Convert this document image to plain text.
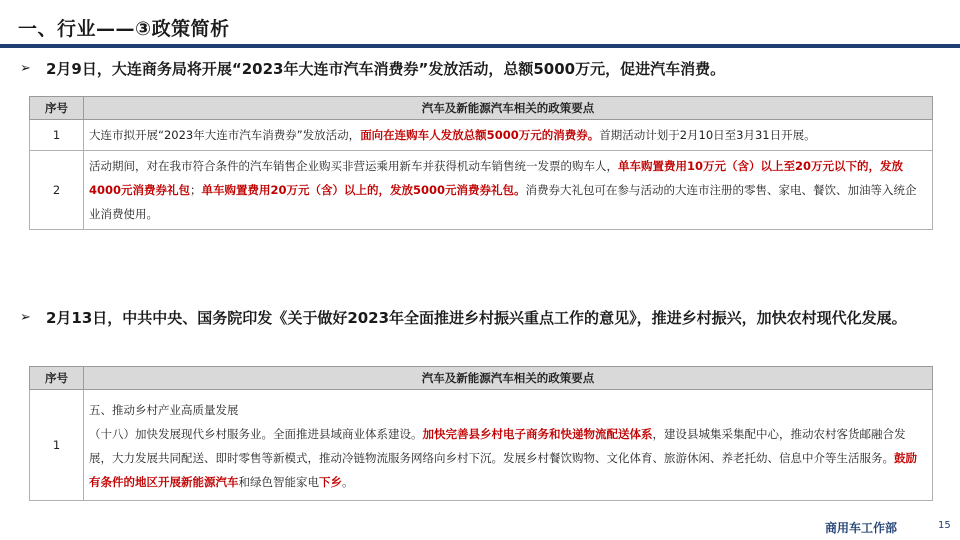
一、行业——③政策简析
➢	2月9日，大连商务局将开展“2023年大连市汽车消费券”发放活动，总额5000万元，促进汽车消费。
序号	汽车及新能源汽车相关的政策要点
1	大连市拟开展“2023年大连市汽车消费券”发放活动，面向在连购车人发放总额5000万元的消费券。首期活动计划于2月10日至3月31日开展。
2	活动期间，对在我市符合条件的汽车销售企业购买非营运乘用新车并获得机动车销售统一发票的购车人，单车购置费用10万元（含）以上至20万元以下的，发放4000元消费券礼包；单车购置费用20万元（含）以上的，发放5000元消费券礼包。消费券大礼包可在参与活动的大连市注册的零售、家电、餐饮、加油等入统企业消费使用。
➢	2月13日，中共中央、国务院印发《关于做好2023年全面推进乡村振兴重点工作的意见》，推进乡村振兴，加快农村现代化发展。
序号	汽车及新能源汽车相关的政策要点
1	五、推动乡村产业高质量发展
（十八）加快发展现代乡村服务业。全面推进县域商业体系建设。加快完善县乡村电子商务和快递物流配送体系，建设县城集采集配中心，推动农村客货邮融合发展，大力发展共同配送、即时零售等新模式，推动冷链物流服务网络向乡村下沉。发展乡村餐饮购物、文化体育、旅游休闲、养老托幼、信息中介等生活服务。鼓励有条件的地区开展新能源汽车和绿色智能家电下乡。
商用车工作部	15
